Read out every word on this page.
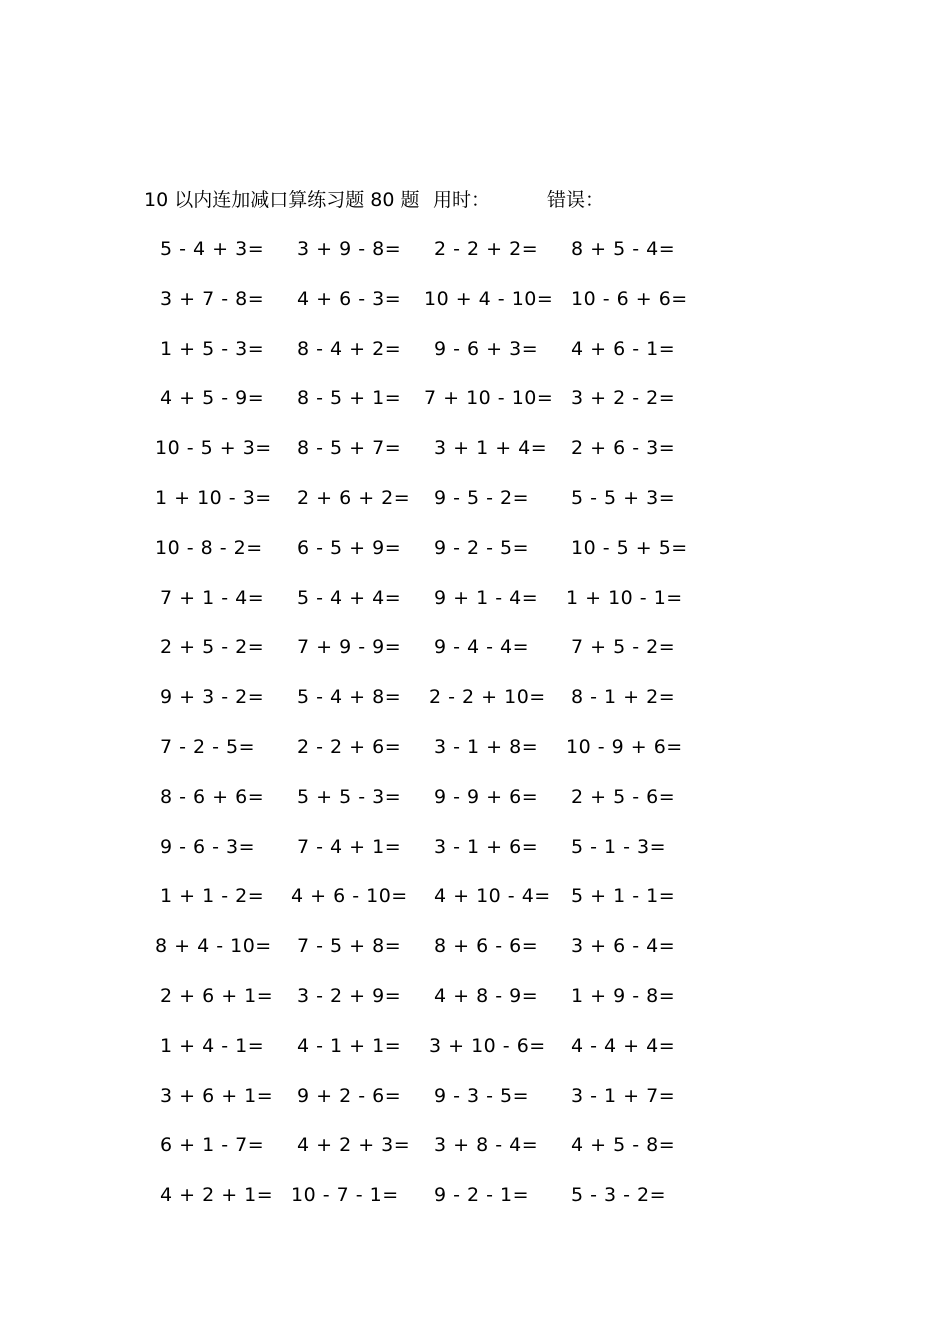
10 以内连加减口算练习题 80 题 用时：	错误：
5 - 4 + 3= 3 + 9 - 8= 2 - 2 + 2= 8 + 5 - 4=
3 + 7 - 8= 4 + 6 - 3= 10 + 4 - 10= 10 - 6 + 6=
1 + 5 - 3= 8 - 4 + 2= 9 - 6 + 3= 4 + 6 - 1=
4 + 5 - 9= 8 - 5 + 1= 7 + 10 - 10= 3 + 2 - 2=
10 - 5 + 3= 8 - 5 + 7= 3 + 1 + 4= 2 + 6 - 3=
1 + 10 - 3= 2 + 6 + 2= 9 - 5 - 2= 5 - 5 + 3=
10 - 8 - 2= 6 - 5 + 9= 9 - 2 - 5= 10 - 5 + 5=
7 + 1 - 4= 5 - 4 + 4= 9 + 1 - 4= 1 + 10 - 1=
2 + 5 - 2= 7 + 9 - 9= 9 - 4 - 4= 7 + 5 - 2=
9 + 3 - 2= 5 - 4 + 8= 2 - 2 + 10= 8 - 1 + 2=
7 - 2 - 5= 2 - 2 + 6= 3 - 1 + 8= 10 - 9 + 6=
8 - 6 + 6= 5 + 5 - 3= 9 - 9 + 6= 2 + 5 - 6=
9 - 6 - 3= 7 - 4 + 1= 3 - 1 + 6= 5 - 1 - 3=
1 + 1 - 2= 4 + 6 - 10= 4 + 10 - 4= 5 + 1 - 1=
8 + 4 - 10= 7 - 5 + 8= 8 + 6 - 6= 3 + 6 - 4=
2 + 6 + 1= 3 - 2 + 9= 4 + 8 - 9= 1 + 9 - 8=
1 + 4 - 1= 4 - 1 + 1= 3 + 10 - 6= 4 - 4 + 4=
3 + 6 + 1= 9 + 2 - 6= 9 - 3 - 5= 3 - 1 + 7=
6 + 1 - 7= 4 + 2 + 3= 3 + 8 - 4= 4 + 5 - 8=
4 + 2 + 1= 10 - 7 - 1= 9 - 2 - 1= 5 - 3 - 2=
